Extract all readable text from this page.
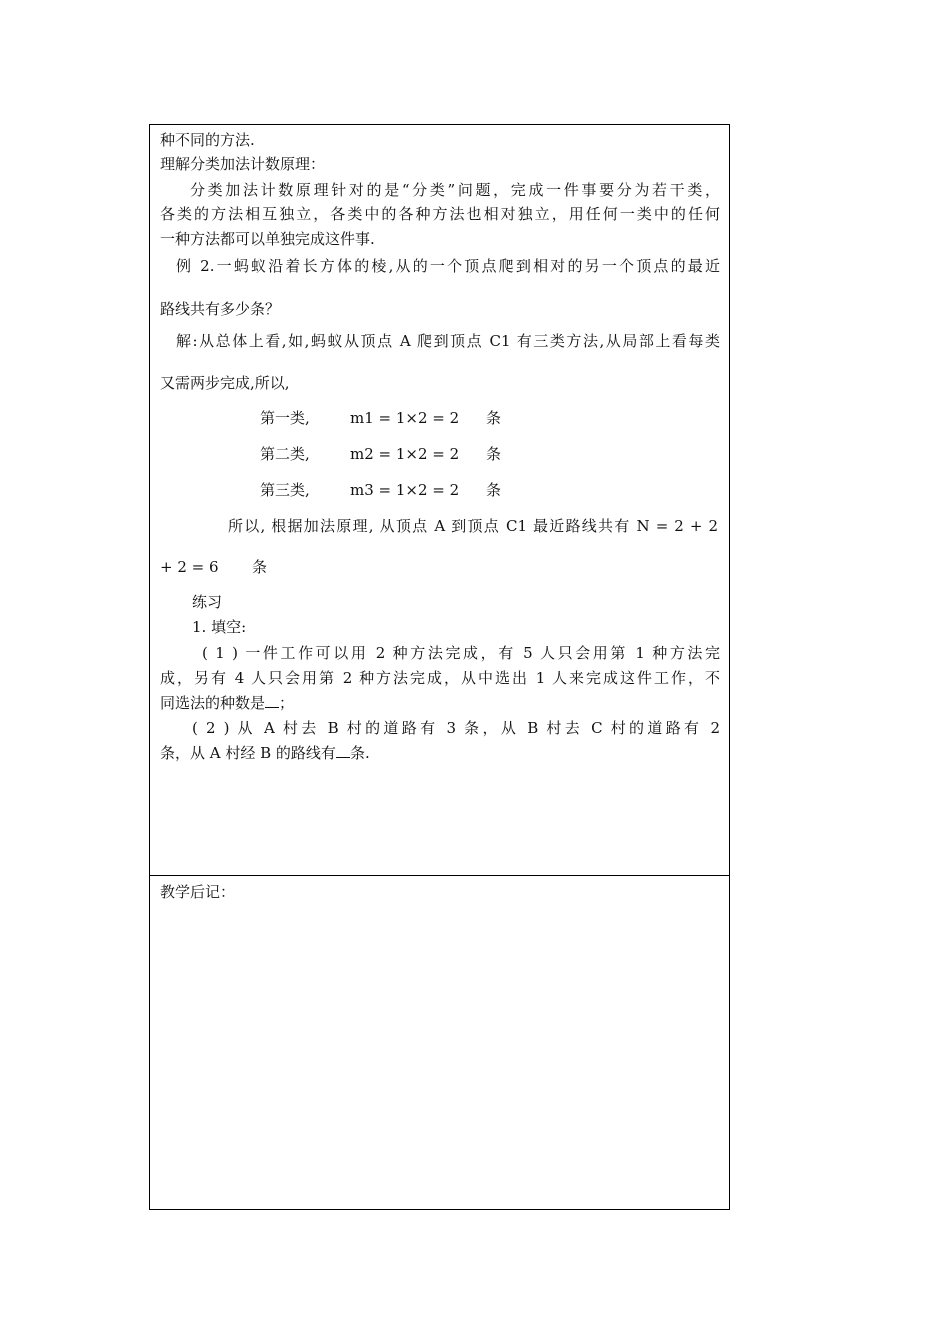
种不同的方法.
理解分类加法计数原理：
分类加法计数原理针对的是“分类”问题，完成一件事要分为若干类，
各类的方法相互独立，各类中的各种方法也相对独立，用任何一类中的任何
一种方法都可以单独完成这件事.
例 2.一蚂蚁沿着长方体的棱,从的一个顶点爬到相对的另一个顶点的最近
路线共有多少条？
解:从总体上看,如,蚂蚁从顶点 A 爬到顶点 C1 有三类方法,从局部上看每类
又需两步完成,所以,
第一类,	m1 = 1×2 = 2 条
第二类,	m2 = 1×2 = 2 条
第三类,	m3 = 1×2 = 2 条
所以, 根据加法原理, 从顶点 A 到顶点 C1 最近路线共有 N = 2 + 2
+ 2 = 6 条
练习
1. 填空:
( 1 ) 一件工作可以用 2 种方法完成，有 5 人只会用第 1 种方法完
成，另有 4 人只会用第 2 种方法完成，从中选出 1 人来完成这件工作，不
同选法的种数是 ；
( 2 ) 从 A 村去 B 村的道路有 3 条，从 B 村去 C 村的道路有 2
条，从 A 村经 B 的路线有 条.
教学后记：
